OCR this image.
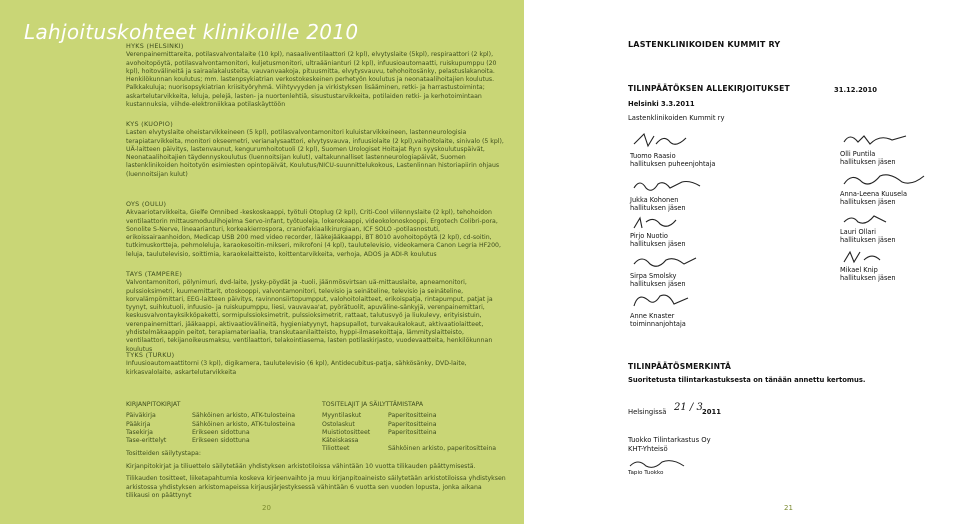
Lahjoituskohteet klinikoille 2010
HYKS (HELSINKI)

Verenpainemittareita, potilasvalvontalaite (10 kpl), nasaaliventilaattori (2 kpl), elvytyslaite (5kpl), respiraattori (2 kpl), avohoitopöytä, potilasvalvontamonitori, kuljetusmonitori, ultraäänianturi (2 kpl), infuusioautomaatti, ruiskupumppu (20 kpl), hoitovälineitä ja sairaalakalusteita, vauvanvaakoja, pituusmitta, elvytysvauvu, tehohoitosänky, pelastuslakanoita. Henkilökunnan koulutus; mm. lastenpsykiatrian verkostokeskeinen perhetyön koulutus ja neonataalihoitajien koulutus. Palkkakuluja; nuorisopsykiatrian kriisityöryhmä. Viihtyvyyden ja virkistyksen lisääminen, retki- ja harrastustoiminta; askartelutarvikkeita, leluja, pelejä, lasten- ja nuortenlehtiä, sisustustarvikkeita, potilaiden retki- ja kerhotoimintaan kustannuksia, viihde-elektroniikkaa potilaskäyttöön

KYS (KUOPIO)

Lasten elvytyslaite oheistarvikkeineen (5 kpl), potilasvalvontamonitori kuluistarvikkeineen, lastenneurologisia terapiatarvikkeita, monitori okseemetri, verianalysaattori, elvytysvauva, infuusiolaite (2 kpl),vaihoitolaite, sinivalo (5 kpl), UÄ-laitteen päivitys, lastenvaunut, kengurumhoitotuoli (2 kpl), Suomen Urologiset Hoitajat Ry:n syyskoulutuspäivät, Neonataalihoitajien täydennyskoulutus (luennoitsijan kulut), valtakunnalliset lastenneurologiapäivät, Suomen lastenklinikoiden hoitotyön esimiesten opintopäivät, Koulutus/NICU-suunnittelukokous, Lastenlinnan historiapiirin ohjaus (luennoitsijan kulut)

OYS (OULU)

Akvaariotarvikkeita, Gielfe Omnibed -keskoskaappi, työtuli Otoplug (2 kpl), Criti-Cool viilennyslaite (2 kpl), tehohoidon ventilaattorin mittausmoduulihojelma Servo-infant, työtuoleja, lokerokaappi, videokolonoskooppi, Ergotech Colibri-pora, Sonolite S-Nerve, lineaarianturi, korkeakierrospora, craniofakiaalikirurgiaan, ICF SOLO -potilasnostuti, erikoissairaanhoidon, Medicap USB 200 med video recorder, lääkejääkaappi, BT 8010 avohoitopöytä (2 kpl), cd-soitin, tutkimuskortteja, pehmoleluja, karaokesoitin-mikseri, mikrofoni (4 kpl), taulutelevisio, videokamera Canon Legria HF200, leluja, taulutelevisio, soittimia, karaokelaitteisto, koittentarvikkeita, verhoja, ADOS ja ADI-R koulutus

TAYS (TAMPERE)

Valvontamonitori, pölynimuri, dvd-laite, Jysky-pöydät ja -tuoli, jäänmösvirtsan uä-mittauslaite, apneamonitori, pulssioksimetri, kuumemittarit, otoskooppi, valvontamonitori, televisio ja seinäteline, televisio ja seinäteline, korvalämpömittari, EEG-laitteen päivitys, ravinnonsiirtopumpput, valohoitolaitteet, erikoispatja, rintapumput, patjat ja tyynyt, suihkutuoli, infuusio- ja ruiskupumppu, liesi, vauvavaa'at, pyörätuolit, apuväline-sänkyjä, verenpainemittari, keskusvalvontayksikköpaketti, sormipulssioksimetrit, pulssioksimetrit, rattaat, talutusvyö ja liukulevy, erityisistuin, verenpainemittari, jääkaappi, aktivaatiovälineitä, hygieniatyynyt, hapsupallot, turvakaukalokaut, aktivaatiolaitteet, yhdistelmäkaappin peitot, terapiamateriaalia, transkutaanilaitteisto, hyppi-ilmasekoittaja, lämmityslaitteisto, ventilaattori, tekijanoikeusmaksu, ventilaattori, telakointiasema, lasten potilaskirjasto, vuodevaatteita, henkilökunnan koulutus

TYKS (TURKU)

Infuusioautomaattitorni (3 kpl), digikamera, taulutelevisio (6 kpl), Antidecubitus-patja, sähkösänky, DVD-laite, kirkasvalolaite, askartelutarvikkeita

KIRJANPITOKIRJAT
Päiväkirja	Sähköinen arkisto, ATK-tulosteina
Pääkirja	Sähköinen arkisto, ATK-tulosteina
Tasekirja	Erikseen sidottuna
Tase-erittelyt	Erikseen sidottuna
Tositteiden säilytystapa:
TOSITELAJIT JA SÄILYTTÄMISTAPA
Myyntilaskut	Paperitositteina
Ostolaskut	Paperitositteina
Muistiotositteet	Paperitositteina
Käteiskassa
Tiliotteet	Sähköinen arkisto, paperitositteina

Kirjanpitokirjat ja tiliuettelo säilytetään yhdistyksen arkistotiloissa vähintään 10 vuotta tilikauden päättymisestä.

Tilikauden tositteet, liiketapahtumia koskeva kirjeenvaihto ja muu kirjanpitoaineisto säilytetään arkistotiloissa yhdistyksen arkistossa yhdistyksen arkistomapeissa kirjausjärjestyksessä vähintään 6 vuotta sen vuoden lopusta, jonka aikana tilikausi on päättynyt

20
LASTENKLINIKOIDEN KUMMIT RY
TILINPÄÄTÖKSEN ALLEKIRJOITUKSET	31.12.2010
Helsinki 3.3.2011
Lastenklinikoiden Kummit ry
Tuomo Raasio
hallituksen puheenjohtaja
Jukka Kohonen
hallituksen jäsen
Pirjo Nuotio
hallituksen jäsen
Sirpa Smolsky
hallituksen jäsen
Anne Knaster
toiminnanjohtaja
Olli Puntila
hallituksen jäsen
Anna-Leena Kuusela
hallituksen jäsen
Lauri Ollari
hallituksen jäsen
Mikael Knip
hallituksen jäsen
TILINPÄÄTÖSMERKINTÄ
Suoritetusta tilintarkastuksesta on tänään annettu kertomus.
Helsingissä 21 / 3 2011
Tuokko Tilintarkastus Oy
KHT-Yhteisö
Tapio Tuokko
21
